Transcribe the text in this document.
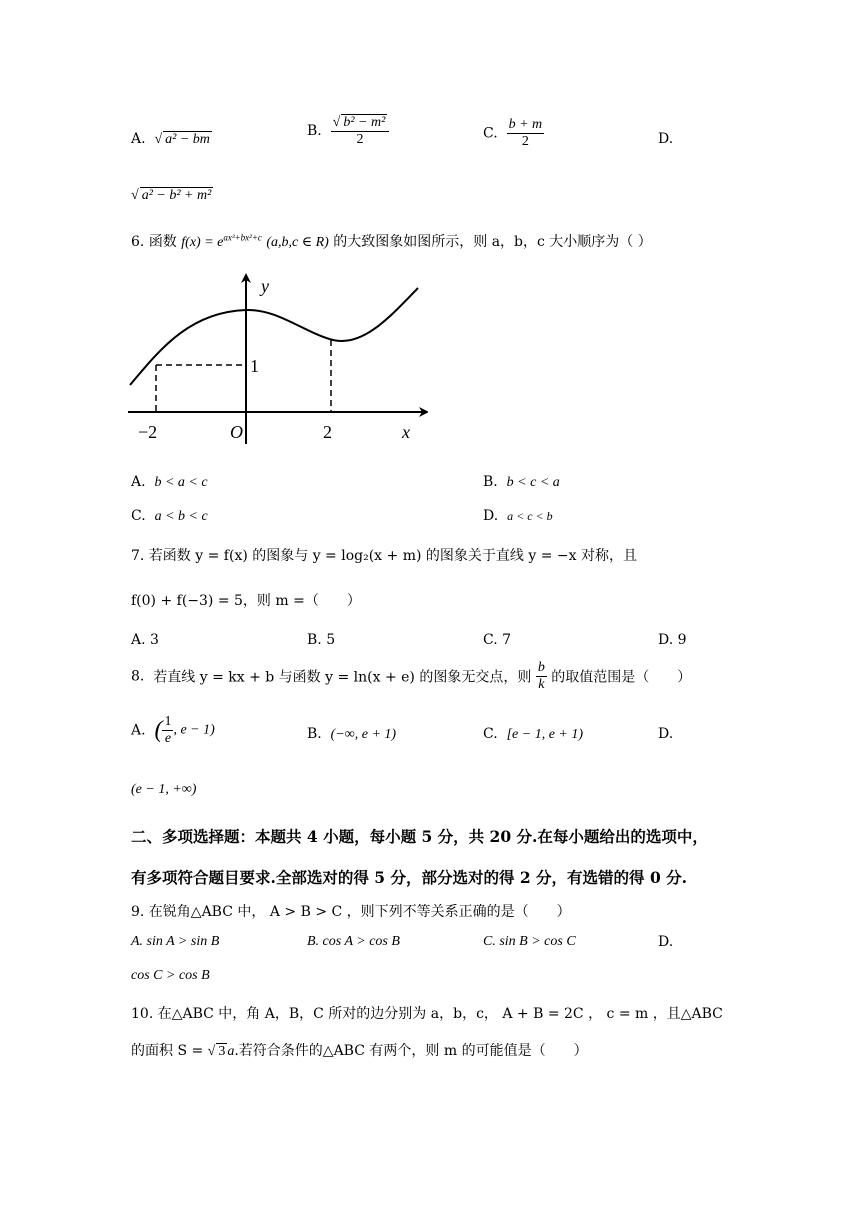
A. √ a² − bm
B. $\frac{\text{√ b² − m²}}{2}$	C. $\frac{b + m}{2}$	D.
√ a² − b² + m²
6. 函数 $f(x) = e^{ax^3+bx^2+c}$ (a,b,c ∈ R) 的大致图象如图所示，则 a，b，c 大小顺序为（ ）
y
x
O
−2	2
1
A. b < a < c	B. b < c < a
C. a < b < c	D. a < c < b
7. 若函数 y = f(x) 的图象与 y = log₂(x + m) 的图象关于直线 y = −x 对称，且
f(0) + f(−3) = 5，则 m =（　　）
A. 3	B. 5	C. 7	D. 9
8. 若直线 y = kx + b 与函数 y = ln(x + e) 的图象无交点，则 $\frac{b}{k}$ 的取值范围是（　　）
A. ( $\frac{1}{e}$ , e − 1)	B. (−∞, e + 1)	C. [e − 1, e + 1)	D.
(e − 1, +∞)
二、多项选择题：本题共 4 小题，每小题 5 分，共 20 分.在每小题给出的选项中，
有多项符合题目要求.全部选对的得 5 分，部分选对的得 2 分，有选错的得 0 分.
9. 在锐角△ABC 中， A > B > C ，则下列不等关系正确的是（　　）
A. sin A > sin B	B. cos A > cos B	C. sin B > cos C	D.
cos C > cos B
10. 在△ABC 中，角 A，B，C 所对的边分别为 a，b，c， A + B = 2C ， c = m ，且△ABC
的面积 S = √ 3 a.若符合条件的△ABC 有两个，则 m 的可能值是（　　）
